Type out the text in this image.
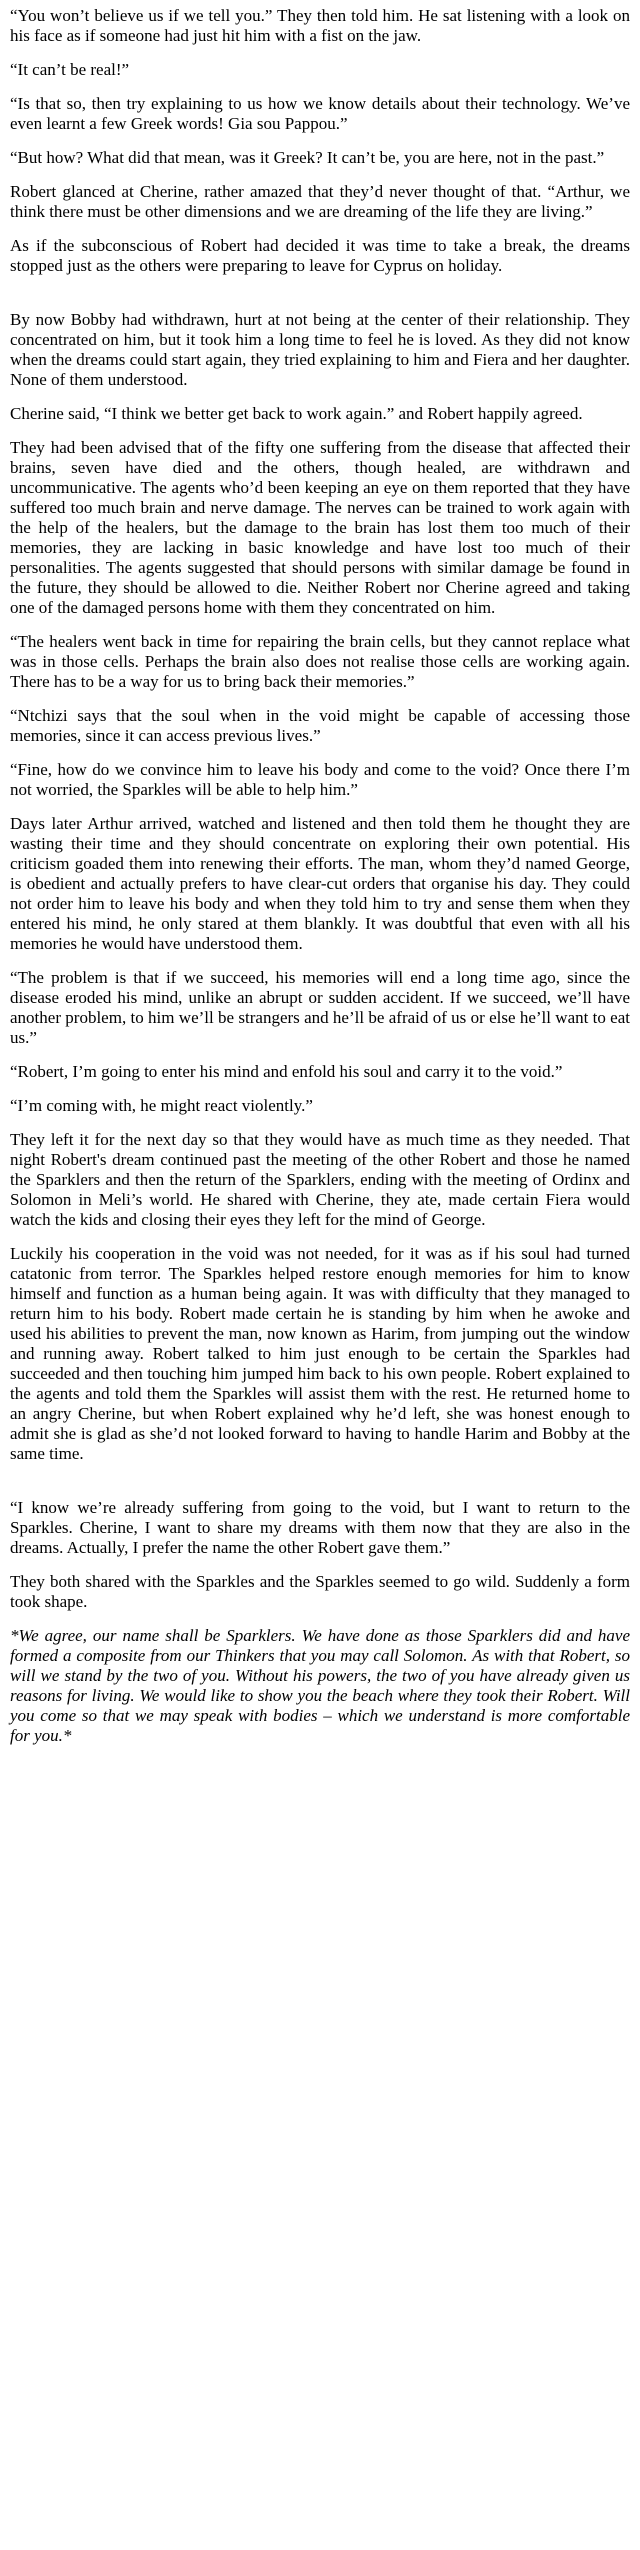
“You won’t believe us if we tell you.” They then told him. He sat listening with a look on his face as if someone had just hit him with a fist on the jaw.

“It can’t be real!”

“Is that so, then try explaining to us how we know details about their technology. We’ve even learnt a few Greek words! Gia sou Pappou.”

“But how? What did that mean, was it Greek? It can’t be, you are here, not in the past.”

Robert glanced at Cherine, rather amazed that they’d never thought of that. “Arthur, we think there must be other dimensions and we are dreaming of the life they are living.”

As if the subconscious of Robert had decided it was time to take a break, the dreams stopped just as the others were preparing to leave for Cyprus on holiday.

By now Bobby had withdrawn, hurt at not being at the center of their relationship. They concentrated on him, but it took him a long time to feel he is loved. As they did not know when the dreams could start again, they tried explaining to him and Fiera and her daughter. None of them understood.

Cherine said, “I think we better get back to work again.” and Robert happily agreed.

They had been advised that of the fifty one suffering from the disease that affected their brains, seven have died and the others, though healed, are withdrawn and uncommunicative. The agents who’d been keeping an eye on them reported that they have suffered too much brain and nerve damage. The nerves can be trained to work again with the help of the healers, but the damage to the brain has lost them too much of their memories, they are lacking in basic knowledge and have lost too much of their personalities. The agents suggested that should persons with similar damage be found in the future, they should be allowed to die. Neither Robert nor Cherine agreed and taking one of the damaged persons home with them they concentrated on him.

“The healers went back in time for repairing the brain cells, but they cannot replace what was in those cells. Perhaps the brain also does not realise those cells are working again. There has to be a way for us to bring back their memories.”

“Ntchizi says that the soul when in the void might be capable of accessing those memories, since it can access previous lives.”

“Fine, how do we convince him to leave his body and come to the void? Once there I’m not worried, the Sparkles will be able to help him.”

Days later Arthur arrived, watched and listened and then told them he thought they are wasting their time and they should concentrate on exploring their own potential. His criticism goaded them into renewing their efforts. The man, whom they’d named George, is obedient and actually prefers to have clear-cut orders that organise his day. They could not order him to leave his body and when they told him to try and sense them when they entered his mind, he only stared at them blankly. It was doubtful that even with all his memories he would have understood them.

“The problem is that if we succeed, his memories will end a long time ago, since the disease eroded his mind, unlike an abrupt or sudden accident. If we succeed, we’ll have another problem, to him we’ll be strangers and he’ll be afraid of us or else he’ll want to eat us.”

“Robert, I’m going to enter his mind and enfold his soul and carry it to the void.”

“I’m coming with, he might react violently.”

They left it for the next day so that they would have as much time as they needed. That night Robert's dream continued past the meeting of the other Robert and those he named the Sparklers and then the return of the Sparklers, ending with the meeting of Ordinx and Solomon in Meli’s world. He shared with Cherine, they ate, made certain Fiera would watch the kids and closing their eyes they left for the mind of George.

Luckily his cooperation in the void was not needed, for it was as if his soul had turned catatonic from terror. The Sparkles helped restore enough memories for him to know himself and function as a human being again. It was with difficulty that they managed to return him to his body. Robert made certain he is standing by him when he awoke and used his abilities to prevent the man, now known as Harim, from jumping out the window and running away. Robert talked to him just enough to be certain the Sparkles had succeeded and then touching him jumped him back to his own people. Robert explained to the agents and told them the Sparkles will assist them with the rest. He returned home to an angry Cherine, but when Robert explained why he’d left, she was honest enough to admit she is glad as she’d not looked forward to having to handle Harim and Bobby at the same time.

“I know we’re already suffering from going to the void, but I want to return to the Sparkles. Cherine, I want to share my dreams with them now that they are also in the dreams. Actually, I prefer the name the other Robert gave them.”

They both shared with the Sparkles and the Sparkles seemed to go wild. Suddenly a form took shape.

*We agree, our name shall be Sparklers. We have done as those Sparklers did and have formed a composite from our Thinkers that you may call Solomon. As with that Robert, so will we stand by the two of you. Without his powers, the two of you have already given us reasons for living. We would like to show you the beach where they took their Robert. Will you come so that we may speak with bodies – which we understand is more comfortable for you.*
